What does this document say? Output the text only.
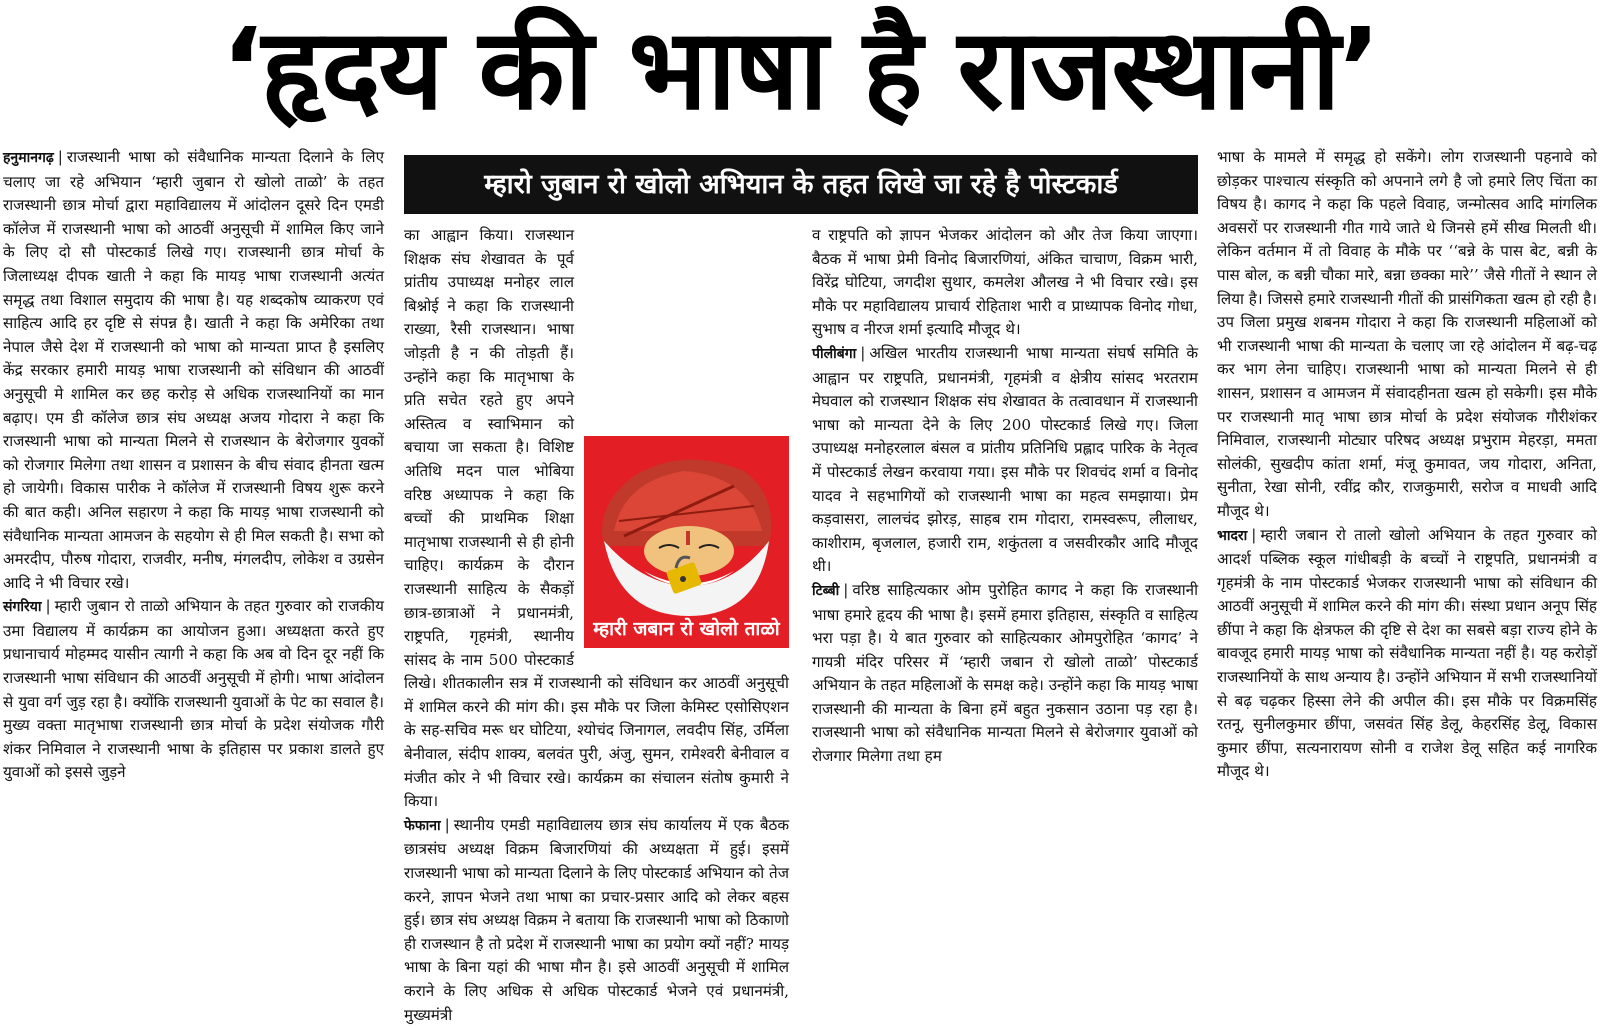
‘हृदय की भाषा है राजस्थानी’
म्हारो जुबान रो खोलो अभियान के तहत लिखे जा रहे है पोस्टकार्ड

हनुमानगढ़ | राजस्थानी भाषा को संवैधानिक मान्यता दिलाने के लिए चलाए जा रहे अभियान ‘म्हारी जुबान रो खोलो ताळो’ के तहत राजस्थानी छात्र मोर्चा द्वारा महाविद्यालय में आंदोलन दूसरे दिन एमडी कॉलेज में राजस्थानी भाषा को आठवीं अनुसूची में शामिल किए जाने के लिए दो सौ पोस्टकार्ड लिखे गए। राजस्थानी छात्र मोर्चा के जिलाध्यक्ष दीपक खाती ने कहा कि मायड़ भाषा राजस्थानी अत्यंत समृद्ध तथा विशाल समुदाय की भाषा है। यह शब्दकोष व्याकरण एवं साहित्य आदि हर दृष्टि से संपन्न है। खाती ने कहा कि अमेरिका तथा नेपाल जैसे देश में राजस्थानी को भाषा को मान्यता प्राप्त है इसलिए केंद्र सरकार हमारी मायड़ भाषा राजस्थानी को संविधान की आठवीं अनुसूची मे शामिल कर छह करोड़ से अधिक राजस्थानियों का मान बढ़ाए। एम डी कॉलेज छात्र संघ अध्यक्ष अजय गोदारा ने कहा कि राजस्थानी भाषा को मान्यता मिलने से राजस्थान के बेरोजगार युवकों को रोजगार मिलेगा तथा शासन व प्रशासन के बीच संवाद हीनता खत्म हो जायेगी। विकास पारीक ने कॉलेज में राजस्थानी विषय शुरू करने की बात कही। अनिल सहारण ने कहा कि मायड़ भाषा राजस्थानी को संवैधानिक मान्यता आमजन के सहयोग से ही मिल सकती है। सभा को अमरदीप, पौरुष गोदारा, राजवीर, मनीष, मंगलदीप, लोकेश व उग्रसेन आदि ने भी विचार रखे।

संगरिया | म्हारी जुबान रो ताळो अभियान के तहत गुरुवार को राजकीय उमा विद्यालय में कार्यक्रम का आयोजन हुआ। अध्यक्षता करते हुए प्रधानाचार्य मोहम्मद यासीन त्यागी ने कहा कि अब वो दिन दूर नहीं कि राजस्थानी भाषा संविधान की आठवीं अनुसूची में होगी। भाषा आंदोलन से युवा वर्ग जुड़ रहा है। क्योंकि राजस्थानी युवाओं के पेट का सवाल है। मुख्य वक्ता मातृभाषा राजस्थानी छात्र मोर्चा के प्रदेश संयोजक गौरी शंकर निमिवाल ने राजस्थानी भाषा के इतिहास पर प्रकाश डालते हुए युवाओं को इससे जुड़ने

म्हारी जबान रो खोलो ताळो

का आह्वान किया। राजस्थान शिक्षक संघ शेखावत के पूर्व प्रांतीय उपाध्यक्ष मनोहर लाल बिश्नोई ने कहा कि राजस्थानी राख्या, रैसी राजस्थान। भाषा जोड़ती है न की तोड़ती हैं। उन्होंने कहा कि मातृभाषा के प्रति सचेत रहते हुए अपने अस्तित्व व स्वाभिमान को बचाया जा सकता है। विशिष्ट अतिथि मदन पाल भोबिया वरिष्ठ अध्यापक ने कहा कि बच्चों की प्राथमिक शिक्षा मातृभाषा राजस्थानी से ही होनी चाहिए। कार्यक्रम के दौरान राजस्थानी साहित्य के सैकड़ों छात्र-छात्राओं ने प्रधानमंत्री, राष्ट्रपति, गृहमंत्री, स्थानीय सांसद के नाम 500 पोस्टकार्ड लिखे। शीतकालीन सत्र में राजस्थानी को संविधान कर आठवीं अनुसूची में शामिल करने की मांग की। इस मौके पर जिला केमिस्ट एसोसिएशन के सह-सचिव मरू धर घोटिया, श्योचंद जिनागल, लवदीप सिंह, उर्मिला बेनीवाल, संदीप शाक्य, बलवंत पुरी, अंजु, सुमन, रामेश्वरी बेनीवाल व मंजीत कोर ने भी विचार रखे। कार्यक्रम का संचालन संतोष कुमारी ने किया।

फेफाना | स्थानीय एमडी महाविद्यालय छात्र संघ कार्यालय में एक बैठक छात्रसंघ अध्यक्ष विक्रम बिजारणियां की अध्यक्षता में हुई। इसमें राजस्थानी भाषा को मान्यता दिलाने के लिए पोस्टकार्ड अभियान को तेज करने, ज्ञापन भेजने तथा भाषा का प्रचार-प्रसार आदि को लेकर बहस हुई। छात्र संघ अध्यक्ष विक्रम ने बताया कि राजस्थानी भाषा को ठिकाणो ही राजस्थान है तो प्रदेश में राजस्थानी भाषा का प्रयोग क्यों नहीं? मायड़ भाषा के बिना यहां की भाषा मौन है। इसे आठवीं अनुसूची में शामिल कराने के लिए अधिक से अधिक पोस्टकार्ड भेजने एवं प्रधानमंत्री, मुख्यमंत्री

व राष्ट्रपति को ज्ञापन भेजकर आंदोलन को और तेज किया जाएगा। बैठक में भाषा प्रेमी विनोद बिजारणियां, अंकित चाचाण, विक्रम भारी, विरेंद्र घोटिया, जगदीश सुथार, कमलेश औलख ने भी विचार रखे। इस मौके पर महाविद्यालय प्राचार्य रोहिताश भारी व प्राध्यापक विनोद गोधा, सुभाष व नीरज शर्मा इत्यादि मौजूद थे।

पीलीबंगा | अखिल भारतीय राजस्थानी भाषा मान्यता संघर्ष समिति के आह्वान पर राष्ट्रपति, प्रधानमंत्री, गृहमंत्री व क्षेत्रीय सांसद भरतराम मेघवाल को राजस्थान शिक्षक संघ शेखावत के तत्वावधान में राजस्थानी भाषा को मान्यता देने के लिए 200 पोस्टकार्ड लिखे गए। जिला उपाध्यक्ष मनोहरलाल बंसल व प्रांतीय प्रतिनिधि प्रह्लाद पारिक के नेतृत्व में पोस्टकार्ड लेखन करवाया गया। इस मौके पर शिवचंद शर्मा व विनोद यादव ने सहभागियों को राजस्थानी भाषा का महत्व समझाया। प्रेम कड़वासरा, लालचंद झोरड़, साहब राम गोदारा, रामस्वरूप, लीलाधर, काशीराम, बृजलाल, हजारी राम, शकुंतला व जसवीरकौर आदि मौजूद थी।

टिब्बी | वरिष्ठ साहित्यकार ओम पुरोहित कागद ने कहा कि राजस्थानी भाषा हमारे हृदय की भाषा है। इसमें हमारा इतिहास, संस्कृति व साहित्य भरा पड़ा है। ये बात गुरुवार को साहित्यकार ओमपुरोहित ‘कागद’ ने गायत्री मंदिर परिसर में ‘म्हारी जबान रो खोलो ताळो’ पोस्टकार्ड अभियान के तहत महिलाओं के समक्ष कहे। उन्होंने कहा कि मायड़ भाषा राजस्थानी की मान्यता के बिना हमें बहुत नुकसान उठाना पड़ रहा है। राजस्थानी भाषा को संवैधानिक मान्यता मिलने से बेरोजगार युवाओं को रोजगार मिलेगा तथा हम

भाषा के मामले में समृद्ध हो सकेंगे। लोग राजस्थानी पहनावे को छोड़कर पाश्चात्य संस्कृति को अपनाने लगे है जो हमारे लिए चिंता का विषय है। कागद ने कहा कि पहले विवाह, जन्मोत्सव आदि मांगलिक अवसरों पर राजस्थानी गीत गाये जाते थे जिनसे हमें सीख मिलती थी। लेकिन वर्तमान में तो विवाह के मौके पर ‘‘बन्ने के पास बेट, बन्नी के पास बोल, क बन्नी चौका मारे, बन्ना छक्का मारे’’ जैसे गीतों ने स्थान ले लिया है। जिससे हमारे राजस्थानी गीतों की प्रासंगिकता खत्म हो रही है। उप जिला प्रमुख शबनम गोदारा ने कहा कि राजस्थानी महिलाओं को भी राजस्थानी भाषा की मान्यता के चलाए जा रहे आंदोलन में बढ़-चढ़ कर भाग लेना चाहिए। राजस्थानी भाषा को मान्यता मिलने से ही शासन, प्रशासन व आमजन में संवादहीनता खत्म हो सकेगी। इस मौके पर राजस्थानी मातृ भाषा छात्र मोर्चा के प्रदेश संयोजक गौरीशंकर निमिवाल, राजस्थानी मोट्यार परिषद अध्यक्ष प्रभुराम मेहरड़ा, ममता सोलंकी, सुखदीप कांता शर्मा, मंजू कुमावत, जय गोदारा, अनिता, सुनीता, रेखा सोनी, रवींद्र कौर, राजकुमारी, सरोज व माधवी आदि मौजूद थे।

भादरा | म्हारी जबान रो तालो खोलो अभियान के तहत गुरुवार को आदर्श पब्लिक स्कूल गांधीबड़ी के बच्चों ने राष्ट्रपति, प्रधानमंत्री व गृहमंत्री के नाम पोस्टकार्ड भेजकर राजस्थानी भाषा को संविधान की आठवीं अनुसूची में शामिल करने की मांग की। संस्था प्रधान अनूप सिंह छींपा ने कहा कि क्षेत्रफल की दृष्टि से देश का सबसे बड़ा राज्य होने के बावजूद हमारी मायड़ भाषा को संवैधानिक मान्यता नहीं है। यह करोड़ों राजस्थानियों के साथ अन्याय है। उन्होंने अभियान में सभी राजस्थानियों से बढ़ चढ़कर हिस्सा लेने की अपील की। इस मौके पर विक्रमसिंह रतनू, सुनीलकुमार छींपा, जसवंत सिंह डेलू, केहरसिंह डेलू, विकास कुमार छींपा, सत्यनारायण सोनी व राजेश डेलू सहित कई नागरिक मौजूद थे।
